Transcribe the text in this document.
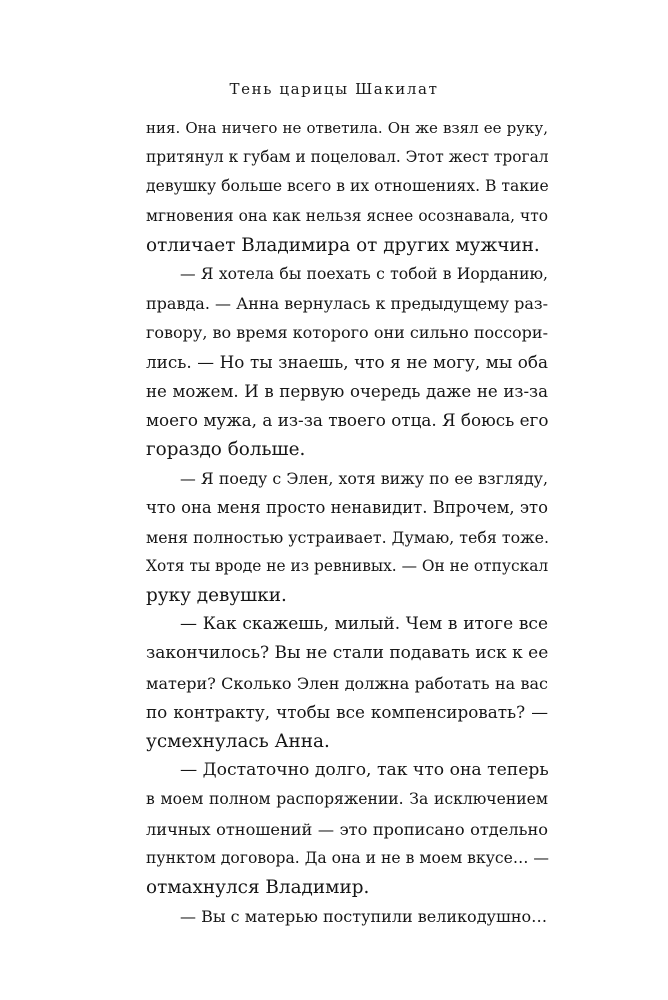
Тень царицы Шакилат
ния. Она ничего не ответила. Он же взял ее руку,
притянул к губам и поцеловал. Этот жест трогал
девушку больше всего в их отношениях. В такие
мгновения она как нельзя яснее осознавала, что
отличает Владимира от других мужчин.
— Я хотела бы поехать с тобой в Иорданию,
правда. — Анна вернулась к предыдущему раз-
говору, во время которого они сильно поссори-
лись. — Но ты знаешь, что я не могу, мы оба
не можем. И в первую очередь даже не из-за
моего мужа, а из-за твоего отца. Я боюсь его
гораздо больше.
— Я поеду с Элен, хотя вижу по ее взгляду,
что она меня просто ненавидит. Впрочем, это
меня полностью устраивает. Думаю, тебя тоже.
Хотя ты вроде не из ревнивых. — Он не отпускал
руку девушки.
— Как скажешь, милый. Чем в итоге все
закончилось? Вы не стали подавать иск к ее
матери? Сколько Элен должна работать на вас
по контракту, чтобы все компенсировать? —
усмехнулась Анна.
— Достаточно долго, так что она теперь
в моем полном распоряжении. За исключением
личных отношений — это прописано отдельно
пунктом договора. Да она и не в моем вкусе… —
отмахнулся Владимир.
— Вы с матерью поступили великодушно…
